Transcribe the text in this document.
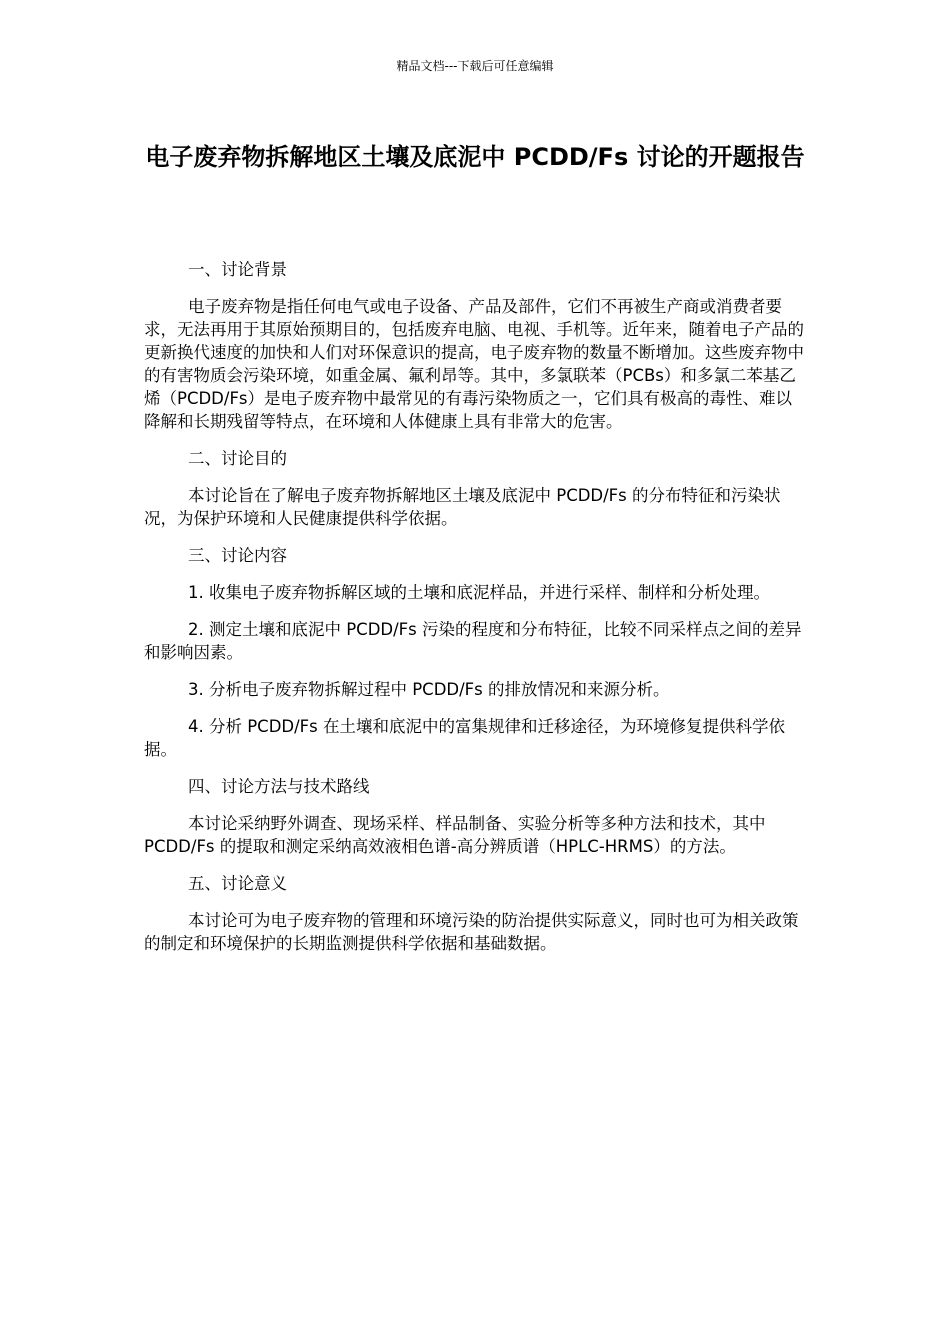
精品文档---下载后可任意编辑
电子废弃物拆解地区土壤及底泥中 PCDD/Fs 讨论的开题报告

一、讨论背景

电子废弃物是指任何电气或电子设备、产品及部件，它们不再被生产商或消费者要求，无法再用于其原始预期目的，包括废弃电脑、电视、手机等。近年来，随着电子产品的更新换代速度的加快和人们对环保意识的提高，电子废弃物的数量不断增加。这些废弃物中的有害物质会污染环境，如重金属、氟利昂等。其中，多氯联苯（PCBs）和多氯二苯基乙烯（PCDD/Fs）是电子废弃物中最常见的有毒污染物质之一，它们具有极高的毒性、难以降解和长期残留等特点，在环境和人体健康上具有非常大的危害。

二、讨论目的

本讨论旨在了解电子废弃物拆解地区土壤及底泥中 PCDD/Fs 的分布特征和污染状况，为保护环境和人民健康提供科学依据。

三、讨论内容

1. 收集电子废弃物拆解区域的土壤和底泥样品，并进行采样、制样和分析处理。

2. 测定土壤和底泥中 PCDD/Fs 污染的程度和分布特征，比较不同采样点之间的差异和影响因素。

3. 分析电子废弃物拆解过程中 PCDD/Fs 的排放情况和来源分析。

4. 分析 PCDD/Fs 在土壤和底泥中的富集规律和迁移途径，为环境修复提供科学依据。

四、讨论方法与技术路线

本讨论采纳野外调查、现场采样、样品制备、实验分析等多种方法和技术，其中 PCDD/Fs 的提取和测定采纳高效液相色谱-高分辨质谱（HPLC-HRMS）的方法。

五、讨论意义

本讨论可为电子废弃物的管理和环境污染的防治提供实际意义，同时也可为相关政策的制定和环境保护的长期监测提供科学依据和基础数据。
